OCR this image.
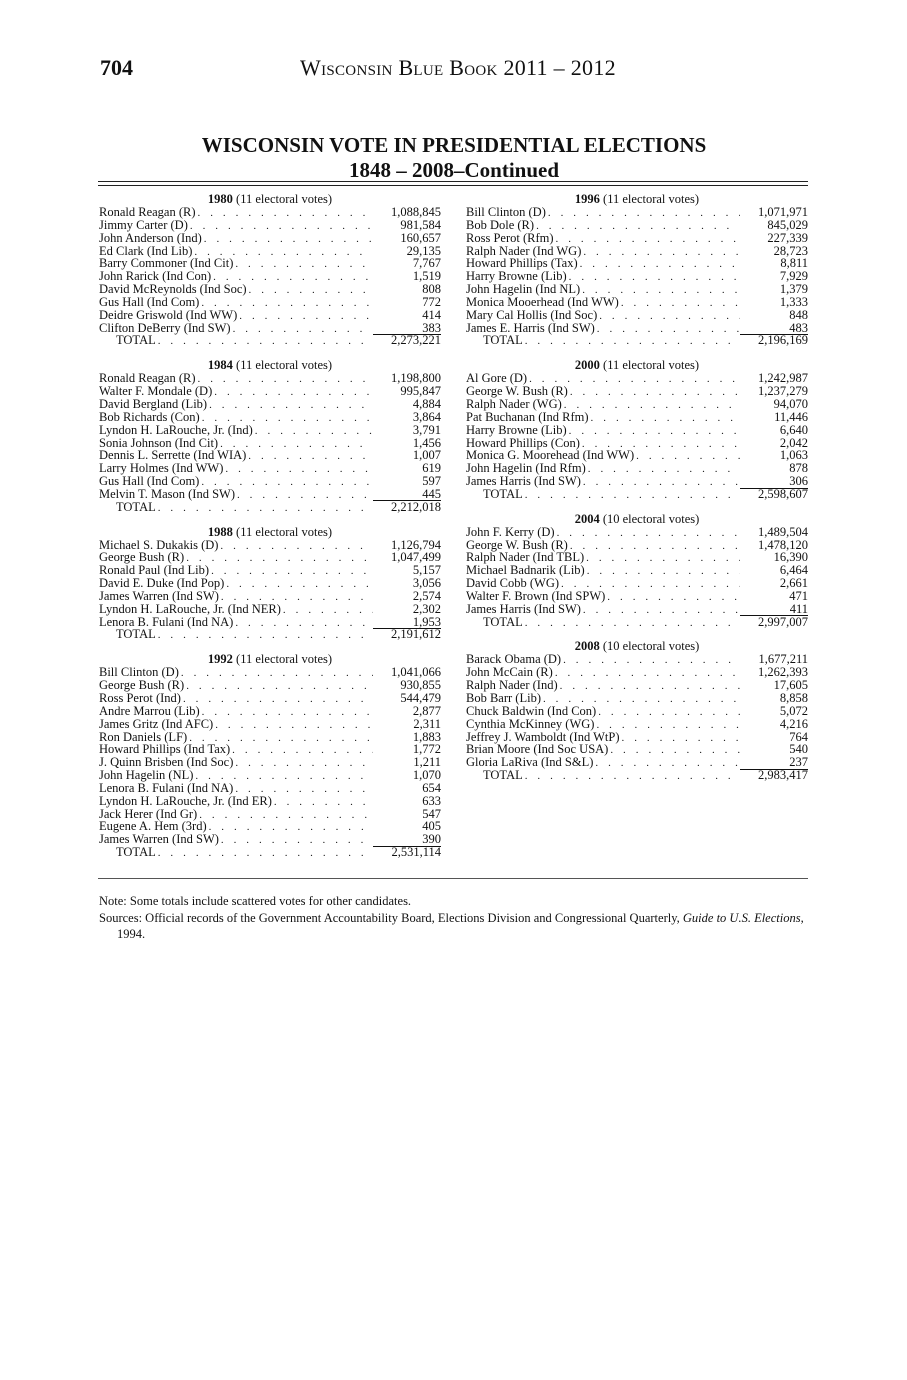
704	Wisconsin Blue Book 2011 – 2012
WISCONSIN VOTE IN PRESIDENTIAL ELECTIONS
1848 – 2008–Continued
1980 (11 electoral votes)
Ronald Reagan (R) . . .	1,088,845
Jimmy Carter (D) . . .	981,584
John Anderson (Ind) . . .	160,657
Ed Clark (Ind Lib) . . .	29,135
Barry Commoner (Ind Cit) . . .	7,767
John Rarick (Ind Con) . . .	1,519
David McReynolds (Ind Soc) . . .	808
Gus Hall (Ind Com) . . .	772
Deidre Griswold (Ind WW) . . .	414
Clifton DeBerry (Ind SW) . . .	383
TOTAL . . .	2,273,221
1984 (11 electoral votes)
Ronald Reagan (R) . . .	1,198,800
Walter F. Mondale (D) . . .	995,847
David Bergland (Lib) . . .	4,884
Bob Richards (Con) . . .	3,864
Lyndon H. LaRouche, Jr. (Ind) . . .	3,791
Sonia Johnson (Ind Cit) . . .	1,456
Dennis L. Serrette (Ind WIA) . . .	1,007
Larry Holmes (Ind WW) . . .	619
Gus Hall (Ind Com) . . .	597
Melvin T. Mason (Ind SW) . . .	445
TOTAL . . .	2,212,018
1988 (11 electoral votes)
Michael S. Dukakis (D) . . .	1,126,794
George Bush (R) . . .	1,047,499
Ronald Paul (Ind Lib) . . .	5,157
David E. Duke (Ind Pop) . . .	3,056
James Warren (Ind SW) . . .	2,574
Lyndon H. LaRouche, Jr. (Ind NER) . . .	2,302
Lenora B. Fulani (Ind NA) . . .	1,953
TOTAL . . .	2,191,612
1992 (11 electoral votes)
Bill Clinton (D) . . .	1,041,066
George Bush (R) . . .	930,855
Ross Perot (Ind) . . .	544,479
Andre Marrou (Lib) . . .	2,877
James Gritz (Ind AFC) . . .	2,311
Ron Daniels (LF) . . .	1,883
Howard Phillips (Ind Tax) . . .	1,772
J. Quinn Brisben (Ind Soc) . . .	1,211
John Hagelin (NL) . . .	1,070
Lenora B. Fulani (Ind NA) . . .	654
Lyndon H. LaRouche, Jr. (Ind ER) . . .	633
Jack Herer (Ind Gr) . . .	547
Eugene A. Hem (3rd) . . .	405
James Warren (Ind SW) . . .	390
TOTAL . . .	2,531,114
1996 (11 electoral votes)
Bill Clinton (D) . . .	1,071,971
Bob Dole (R) . . .	845,029
Ross Perot (Rfm) . . .	227,339
Ralph Nader (Ind WG) . . .	28,723
Howard Phillips (Tax) . . .	8,811
Harry Browne (Lib) . . .	7,929
John Hagelin (Ind NL) . . .	1,379
Monica Mooerhead (Ind WW) . . .	1,333
Mary Cal Hollis (Ind Soc) . . .	848
James E. Harris (Ind SW) . . .	483
TOTAL . . .	2,196,169
2000 (11 electoral votes)
Al Gore (D) . . .	1,242,987
George W. Bush (R) . . .	1,237,279
Ralph Nader (WG) . . .	94,070
Pat Buchanan (Ind Rfm) . . .	11,446
Harry Browne (Lib) . . .	6,640
Howard Phillips (Con) . . .	2,042
Monica G. Moorehead (Ind WW) . . .	1,063
John Hagelin (Ind Rfm) . . .	878
James Harris (Ind SW) . . .	306
TOTAL . . .	2,598,607
2004 (10 electoral votes)
John F. Kerry (D) . . .	1,489,504
George W. Bush (R) . . .	1,478,120
Ralph Nader (Ind TBL) . . .	16,390
Michael Badnarik (Lib) . . .	6,464
David Cobb (WG) . . .	2,661
Walter F. Brown (Ind SPW) . . .	471
James Harris (Ind SW) . . .	411
TOTAL . . .	2,997,007
2008 (10 electoral votes)
Barack Obama (D) . . .	1,677,211
John McCain (R) . . .	1,262,393
Ralph Nader (Ind) . . .	17,605
Bob Barr (Lib) . . .	8,858
Chuck Baldwin (Ind Con) . . .	5,072
Cynthia McKinney (WG) . . .	4,216
Jeffrey J. Wamboldt (Ind WtP) . . .	764
Brian Moore (Ind Soc USA) . . .	540
Gloria LaRiva (Ind S&L) . . .	237
TOTAL . . .	2,983,417
Note: Some totals include scattered votes for other candidates.
Sources: Official records of the Government Accountability Board, Elections Division and Congressional Quarterly, Guide to U.S. Elections, 1994.
